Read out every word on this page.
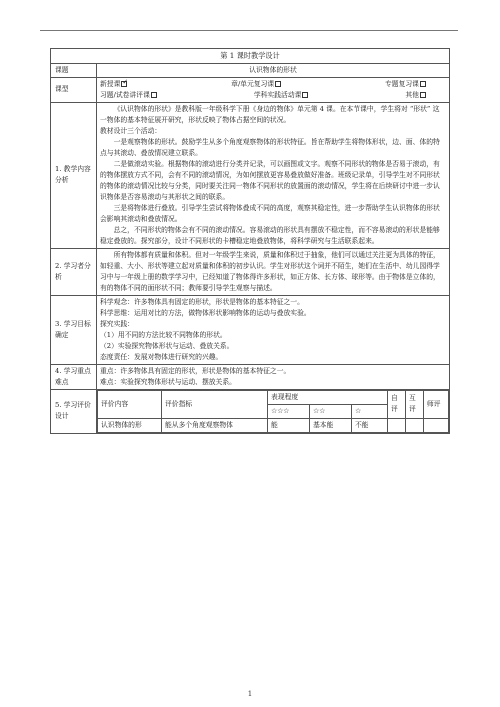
第 1 课时教学设计
课题	认识物体的形状
课型	
新授课✓	章/单元复习课	专题复习课
习题/试卷讲评课	学科实践活动课	其他

1. 教学内容分析	

《认识物体的形状》是教科版一年级科学下册《身边的物体》单元第 4 课。在本节课中，学生将对 “形状” 这一物体的基本特征展开研究，形状反映了物体占据空间的状况。

教材设计三个活动：

一是观察物体的形状。鼓励学生从多个角度观察物体的形状特征。旨在帮助学生将物体形状，边、面、体的特点与其滚动、叠放情况建立联系。

二是做滚动实验。根据物体的滚动进行分类并记录，可以画图或文字。观察不同形状的物体是否易于滚动，有的物体摆放方式不同，会有不同的滚动情况，为如何摆放更容易叠放做好准备。班级记录单，引导学生对不同形状的物体的滚动情况比较与分类，同时要关注同一物体不同形状的放置面的滚动情况，学生将在后续研讨中进一步认识物体是否容易滚动与其形状之间的联系。

三是将物体进行叠放。引导学生尝试将物体叠成不同的高度，观察其稳定性，进一步帮助学生认识物体的形状会影响其滚动和叠放情况。

总之，不同形状的物体会有不同的滚动情况。容易滚动的形状具有摆放不稳定性，而不容易滚动的形状是能够稳定叠放的。探究部分，设计不同形状的卡槽稳定地叠放物体，将科学研究与生活联系起来。

2. 学习者分析	

所有物体都有质量和体积。但对一年级学生来说，质量和体积过于抽象，他们可以通过关注更为具体的特征，如轻重、大小、形状等建立起对质量和体积的初步认识。学生对形状这个词并不陌生，她们在生活中、幼儿园得学习中与一年级上册的数学学习中，已经知道了物体得许多形状，如正方体、长方体、球形等。由于物体是立体的，有的物体不同的面形状不同；教师要引导学生观察与描述。

3. 学习目标确定	

科学观念：许多物体具有固定的形状，形状是物体的基本特征之一。

科学思维：运用对比的方法，做物体形状影响物体的运动与叠放实验。

探究实践：

（1）用不同的方法比较不同物体的形状。

（2）实验探究物体形状与运动、叠放关系。

态度责任：发展对物体进行研究的兴趣。

4. 学习重点难点	

重点：许多物体具有固定的形状，形状是物体的基本特征之一。

难点：实验探究物体形状与运动、摆放关系。

5. 学习评价设计	
评价内容	评价指标	表现程度	自评	互评	师评
☆☆☆	☆☆	☆
认识物体的形	能从多个角度观察物体	能	基本能	不能			
1
